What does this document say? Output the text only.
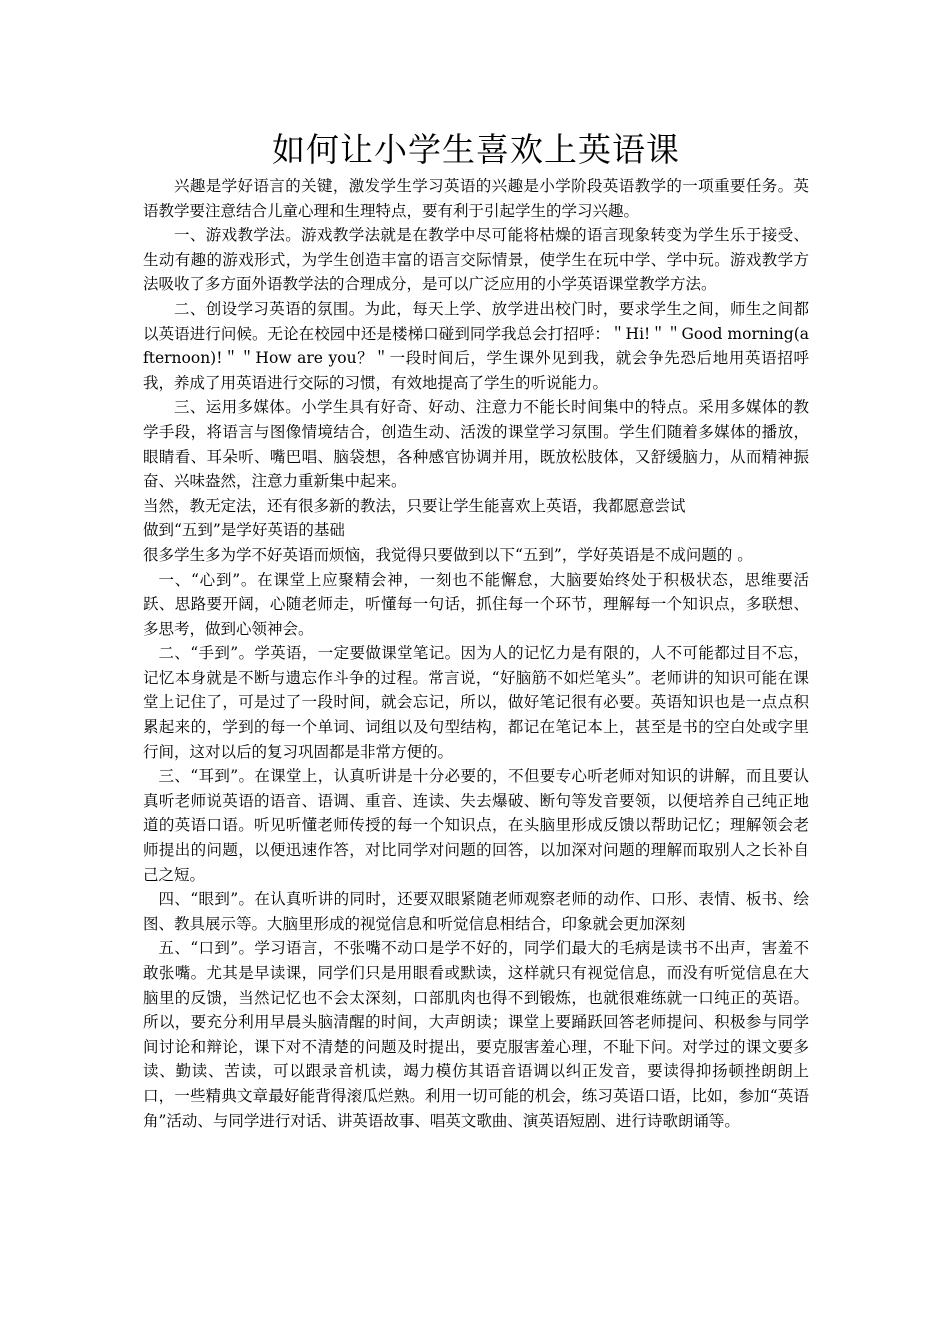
如何让小学生喜欢上英语课

兴趣是学好语言的关键，激发学生学习英语的兴趣是小学阶段英语教学的一项重要任务。英语教学要注意结合儿童心理和生理特点，要有利于引起学生的学习兴趣。

一、游戏教学法。游戏教学法就是在教学中尽可能将枯燥的语言现象转变为学生乐于接受、生动有趣的游戏形式，为学生创造丰富的语言交际情景，使学生在玩中学、学中玩。游戏教学方法吸收了多方面外语教学法的合理成分，是可以广泛应用的小学英语课堂教学方法。

二、创设学习英语的氛围。为此，每天上学、放学进出校门时，要求学生之间，师生之间都以英语进行问候。无论在校园中还是楼梯口碰到同学我总会打招呼：＂Hi!＂＂Good morning(afternoon)!＂＂How are you？＂一段时间后，学生课外见到我，就会争先恐后地用英语招呼我，养成了用英语进行交际的习惯，有效地提高了学生的听说能力。

三、运用多媒体。小学生具有好奇、好动、注意力不能长时间集中的特点。采用多媒体的教学手段，将语言与图像情境结合，创造生动、活泼的课堂学习氛围。学生们随着多媒体的播放，眼睛看、耳朵听、嘴巴唱、脑袋想，各种感官协调并用，既放松肢体，又舒缓脑力，从而精神振奋、兴味盎然，注意力重新集中起来。

当然，教无定法，还有很多新的教法，只要让学生能喜欢上英语，我都愿意尝试

做到“五到”是学好英语的基础

很多学生多为学不好英语而烦恼，我觉得只要做到以下“五到”，学好英语是不成问题的 。

一、“心到”。在课堂上应聚精会神，一刻也不能懈怠，大脑要始终处于积极状态，思维要活跃、思路要开阔，心随老师走，听懂每一句话，抓住每一个环节，理解每一个知识点，多联想、多思考，做到心领神会。

二、“手到”。学英语，一定要做课堂笔记。因为人的记忆力是有限的，人不可能都过目不忘，记忆本身就是不断与遗忘作斗争的过程。常言说，“好脑筋不如烂笔头”。老师讲的知识可能在课堂上记住了，可是过了一段时间，就会忘记，所以，做好笔记很有必要。英语知识也是一点点积累起来的，学到的每一个单词、词组以及句型结构，都记在笔记本上，甚至是书的空白处或字里行间，这对以后的复习巩固都是非常方便的。

三、“耳到”。在课堂上，认真听讲是十分必要的，不但要专心听老师对知识的讲解，而且要认真听老师说英语的语音、语调、重音、连读、失去爆破、断句等发音要领，以便培养自己纯正地道的英语口语。听见听懂老师传授的每一个知识点，在头脑里形成反馈以帮助记忆；理解领会老师提出的问题，以便迅速作答，对比同学对问题的回答，以加深对问题的理解而取别人之长补自己之短。

四、“眼到”。在认真听讲的同时，还要双眼紧随老师观察老师的动作、口形、表情、板书、绘图、教具展示等。大脑里形成的视觉信息和听觉信息相结合，印象就会更加深刻

五、“口到”。学习语言，不张嘴不动口是学不好的，同学们最大的毛病是读书不出声，害羞不敢张嘴。尤其是早读课，同学们只是用眼看或默读，这样就只有视觉信息，而没有听觉信息在大脑里的反馈，当然记忆也不会太深刻，口部肌肉也得不到锻炼，也就很难练就一口纯正的英语。所以，要充分利用早晨头脑清醒的时间，大声朗读；课堂上要踊跃回答老师提问、积极参与同学间讨论和辩论，课下对不清楚的问题及时提出，要克服害羞心理，不耻下问。对学过的课文要多读、勤读、苦读，可以跟录音机读，竭力模仿其语音语调以纠正发音，要读得抑扬顿挫朗朗上口，一些精典文章最好能背得滚瓜烂熟。利用一切可能的机会，练习英语口语，比如，参加“英语角”活动、与同学进行对话、讲英语故事、唱英文歌曲、演英语短剧、进行诗歌朗诵等。
